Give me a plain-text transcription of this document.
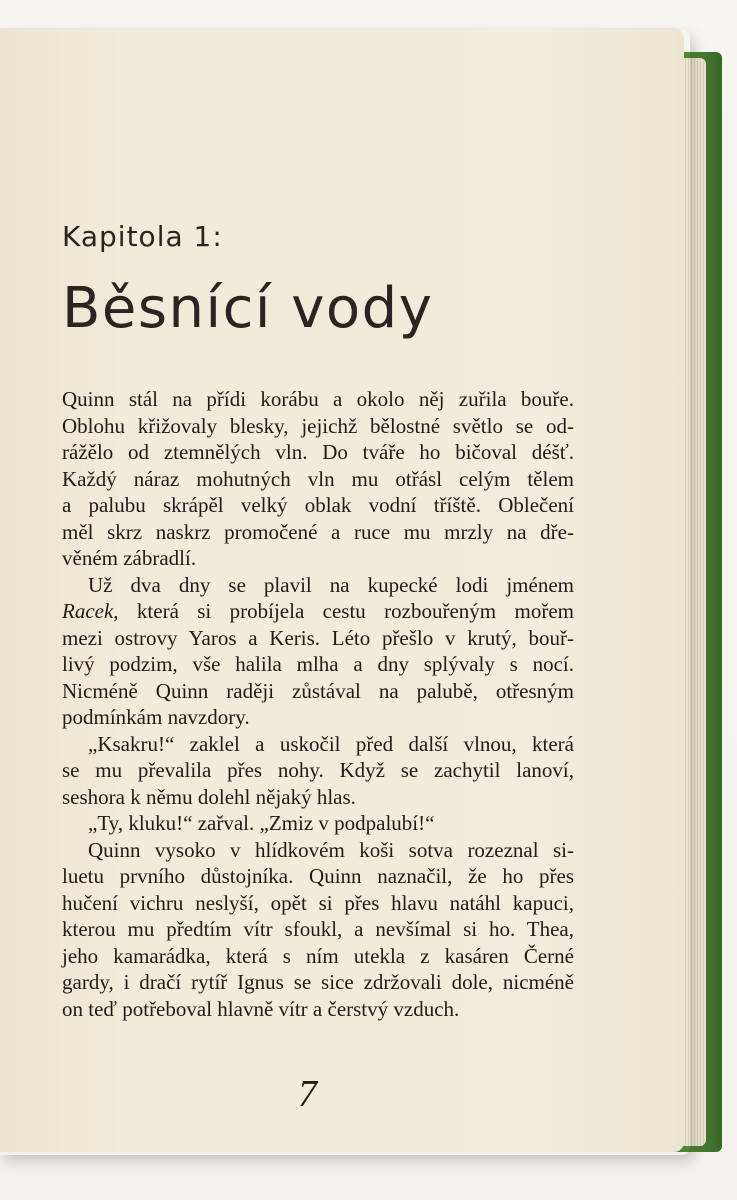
Kapitola 1:
Běsnící vody
Quinn stál na přídi korábu a okolo něj zuřila bouře.
Oblohu křižovaly blesky, jejichž bělostné světlo se od-
rážělo od ztemnělých vln. Do tváře ho bičoval déšť.
Každý náraz mohutných vln mu otřásl celým tělem
a palubu skrápěl velký oblak vodní tříště. Oblečení
měl skrz naskrz promočené a ruce mu mrzly na dře-
věném zábradlí.
Už dva dny se plavil na kupecké lodi jménem
Racek , která si probíjela cestu rozbouřeným mořem
mezi ostrovy Yaros a Keris. Léto přešlo v krutý, bouř-
livý podzim, vše halila mlha a dny splývaly s nocí.
Nicméně Quinn raději zůstával na palubě, otřesným
podmínkám navzdory.
„Ksakru!“ zaklel a uskočil před další vlnou, která
se mu převalila přes nohy. Když se zachytil lanoví,
seshora k němu dolehl nějaký hlas.
„Ty, kluku!“ zařval. „Zmiz v podpalubí!“
Quinn vysoko v hlídkovém koši sotva rozeznal si-
luetu prvního důstojníka. Quinn naznačil, že ho přes
hučení vichru neslyší, opět si přes hlavu natáhl kapuci,
kterou mu předtím vítr sfoukl, a nevšímal si ho. Thea,
jeho kamarádka, která s ním utekla z kasáren Černé
gardy, i dračí rytíř Ignus se sice zdržovali dole, nicméně
on teď potřeboval hlavně vítr a čerstvý vzduch.
7
